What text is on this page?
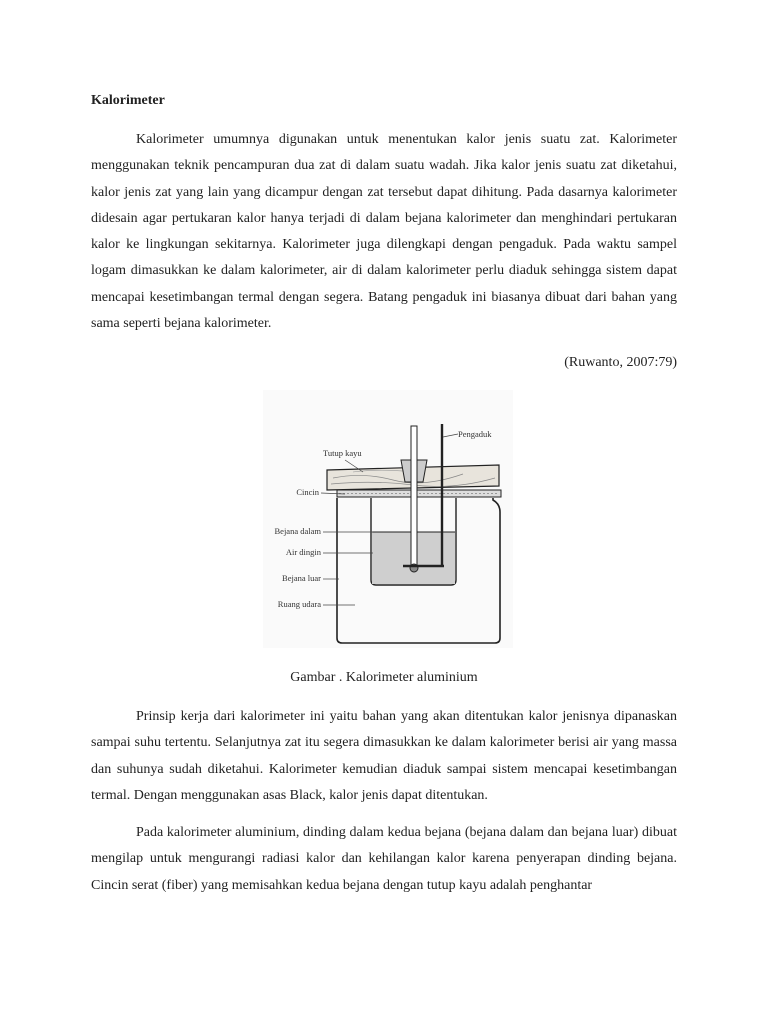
Kalorimeter

Kalorimeter umumnya digunakan untuk menentukan kalor jenis suatu zat. Kalorimeter menggunakan teknik pencampuran dua zat di dalam suatu wadah. Jika kalor jenis suatu zat diketahui, kalor jenis zat yang lain yang dicampur dengan zat tersebut dapat dihitung. Pada dasarnya kalorimeter didesain agar pertukaran kalor hanya terjadi di dalam bejana kalorimeter dan menghindari pertukaran kalor ke lingkungan sekitarnya. Kalorimeter juga dilengkapi dengan pengaduk. Pada waktu sampel logam dimasukkan ke dalam kalorimeter, air di dalam kalorimeter perlu diaduk sehingga sistem dapat mencapai kesetimbangan termal dengan segera. Batang pengaduk ini biasanya dibuat dari bahan yang sama seperti bejana kalorimeter.

(Ruwanto, 2007:79)
Pengaduk
Tutup kayu
Cincin
Bejana dalam
Air dingin
Bejana luar
Ruang udara
Gambar . Kalorimeter aluminium

Prinsip kerja dari kalorimeter ini yaitu bahan yang akan ditentukan kalor jenisnya dipanaskan sampai suhu tertentu. Selanjutnya zat itu segera dimasukkan ke dalam kalorimeter berisi air yang massa dan suhunya sudah diketahui. Kalorimeter kemudian diaduk sampai sistem mencapai kesetimbangan termal. Dengan menggunakan asas Black, kalor jenis dapat ditentukan.

Pada kalorimeter aluminium, dinding dalam kedua bejana (bejana dalam dan bejana luar) dibuat mengilap untuk mengurangi radiasi kalor dan kehilangan kalor karena penyerapan dinding bejana. Cincin serat (fiber) yang memisahkan kedua bejana dengan tutup kayu adalah penghantar
